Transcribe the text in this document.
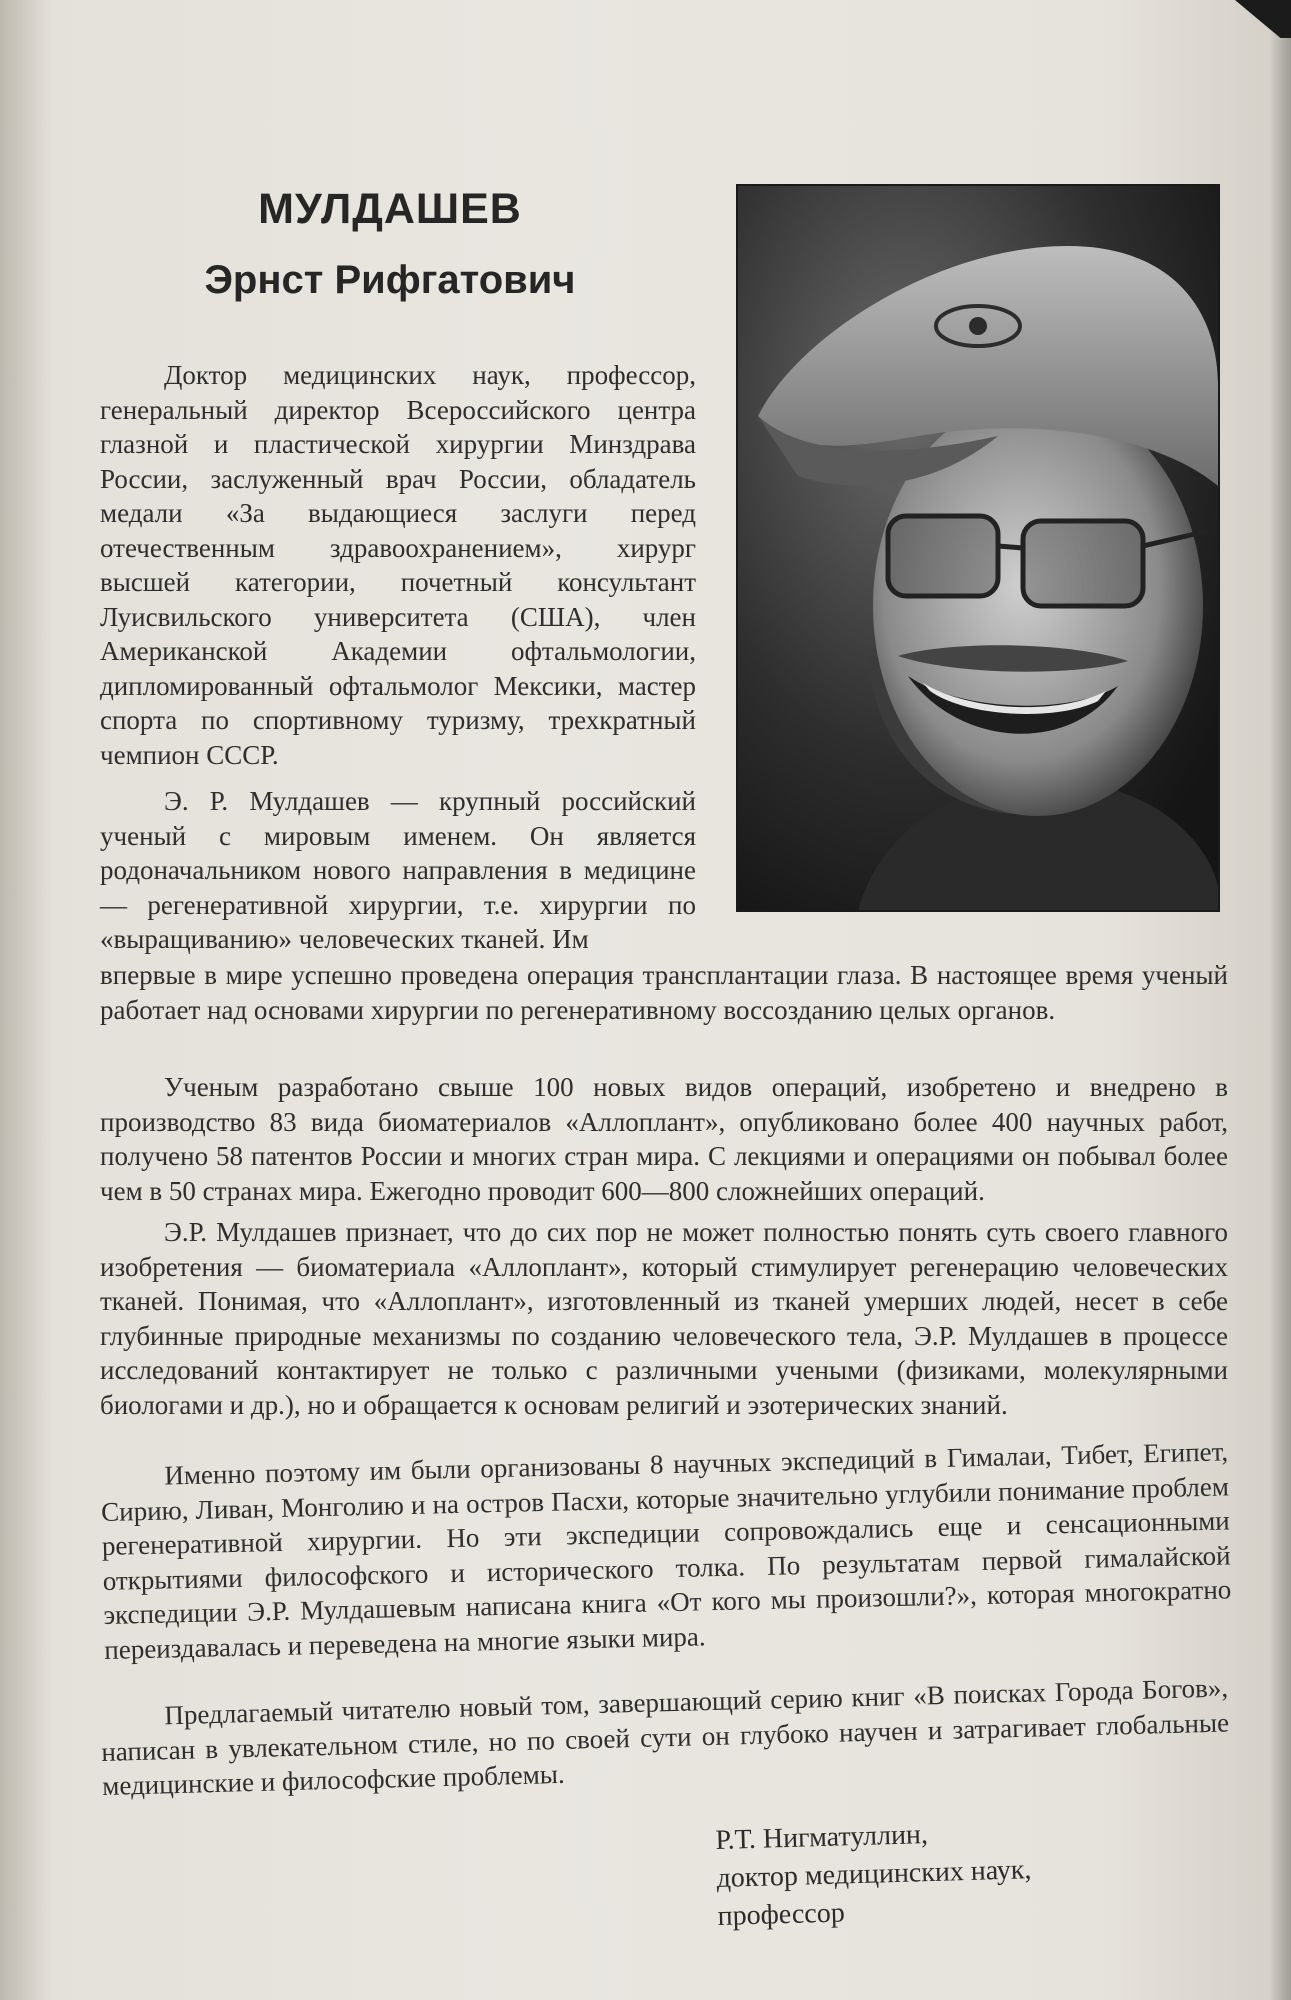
МУЛДАШЕВ
Эрнст Рифгатович

Доктор медицинских наук, профессор, генеральный директор Всероссийского центра глазной и пластической хирургии Минздрава России, заслуженный врач России, обладатель медали «За выдающиеся заслуги перед отечественным здравоохранением», хирург высшей категории, почетный консультант Луисвильского университета (США), член Американской Академии офтальмологии, дипломированный офтальмолог Мексики, мастер спорта по спортивному туризму, трехкратный чемпион СССР.

Э. Р. Мулдашев — крупный российский ученый с мировым именем. Он является родоначальником нового направления в медицине — регенеративной хирургии, т.е. хирургии по «выращиванию» человеческих тканей. Им

впервые в мире успешно проведена операция трансплантации глаза. В настоящее время ученый работает над основами хирургии по регенеративному воссозданию целых органов.

Ученым разработано свыше 100 новых видов операций, изобретено и внедрено в производство 83 вида биоматериалов «Аллоплант», опубликовано более 400 научных работ, получено 58 патентов России и многих стран мира. С лекциями и операциями он побывал более чем в 50 странах мира. Ежегодно проводит 600—800 сложнейших операций.

Э.Р. Мулдашев признает, что до сих пор не может полностью понять суть своего главного изобретения — биоматериала «Аллоплант», который стимулирует регенерацию человеческих тканей. Понимая, что «Аллоплант», изготовленный из тканей умерших людей, несет в себе глубинные природные механизмы по созданию человеческого тела, Э.Р. Мулдашев в процессе исследований контактирует не только с различными учеными (физиками, молекулярными биологами и др.), но и обращается к основам религий и эзотерических знаний.

Именно поэтому им были организованы 8 научных экспедиций в Гималаи, Тибет, Египет, Сирию, Ливан, Монголию и на остров Пасхи, которые значительно углубили понимание проблем регенеративной хирургии. Но эти экспедиции сопровождались еще и сенсационными открытиями философского и исторического толка. По результатам первой гималайской экспедиции Э.Р. Мулдашевым написана книга «От кого мы произошли?», которая многократно переиздавалась и переведена на многие языки мира.

Предлагаемый читателю новый том, завершающий серию книг «В поисках Города Богов», написан в увлекательном стиле, но по своей сути он глубоко научен и затрагивает глобальные медицинские и философские проблемы.

Р.Т. Нигматуллин,
доктор медицинских наук,
профессор
